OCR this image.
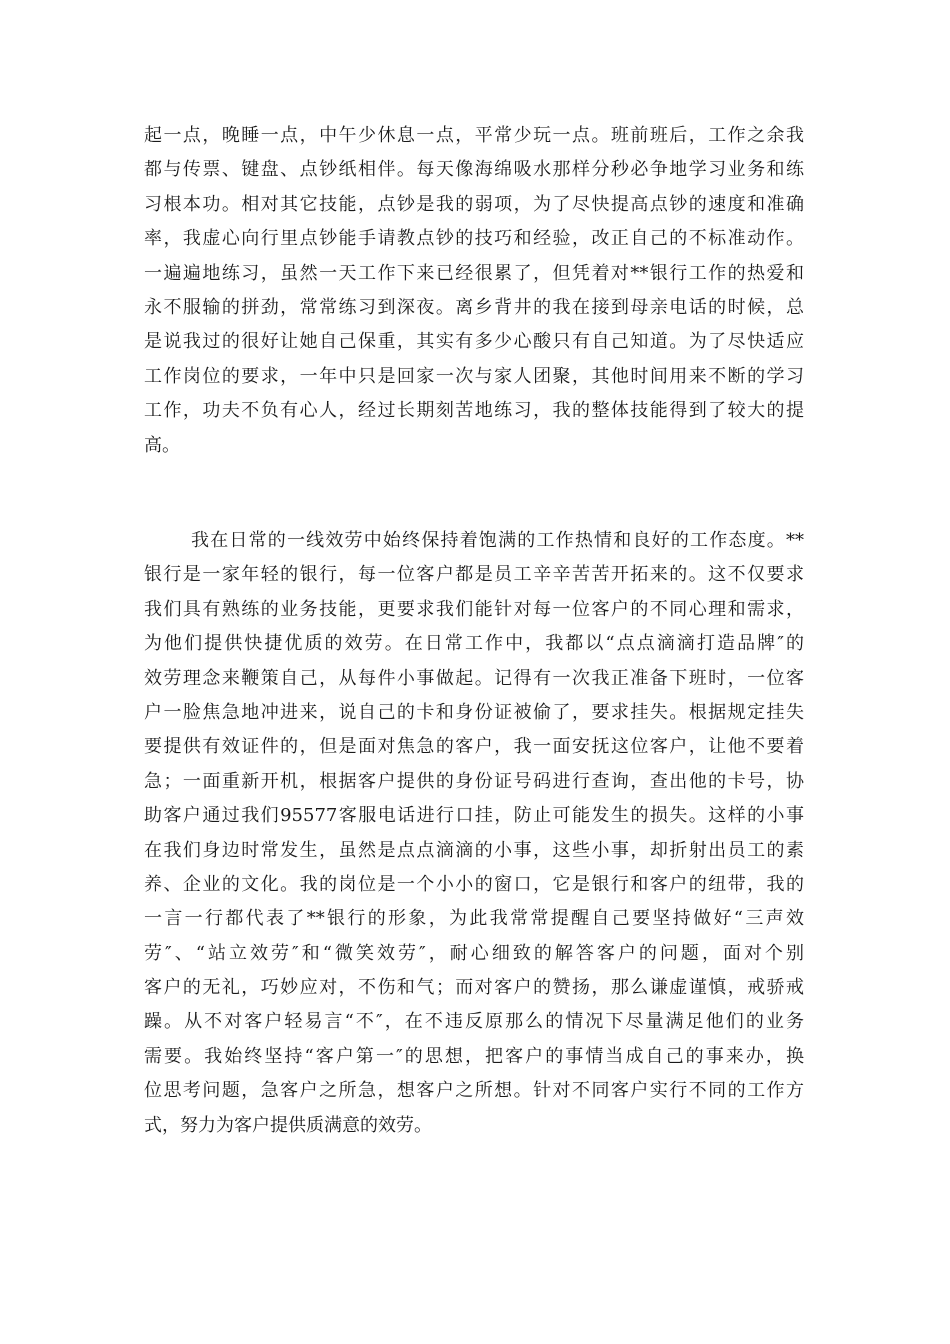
起一点，晚睡一点，中午少休息一点，平常少玩一点。班前班后，工作之余我
都与传票、键盘、点钞纸相伴。每天像海绵吸水那样分秒必争地学习业务和练
习根本功。相对其它技能，点钞是我的弱项，为了尽快提高点钞的速度和准确
率，我虚心向行里点钞能手请教点钞的技巧和经验，改正自己的不标准动作。
一遍遍地练习，虽然一天工作下来已经很累了，但凭着对**银行工作的热爱和
永不服输的拼劲，常常练习到深夜。离乡背井的我在接到母亲电话的时候，总
是说我过的很好让她自己保重，其实有多少心酸只有自己知道。为了尽快适应
工作岗位的要求，一年中只是回家一次与家人团聚，其他时间用来不断的学习
工作，功夫不负有心人，经过长期刻苦地练习，我的整体技能得到了较大的提
高。
我在日常的一线效劳中始终保持着饱满的工作热情和良好的工作态度。**
银行是一家年轻的银行，每一位客户都是员工辛辛苦苦开拓来的。这不仅要求
我们具有熟练的业务技能，更要求我们能针对每一位客户的不同心理和需求，
为他们提供快捷优质的效劳。在日常工作中，我都以“点点滴滴打造品牌″的
效劳理念来鞭策自己，从每件小事做起。记得有一次我正准备下班时，一位客
户一脸焦急地冲进来，说自己的卡和身份证被偷了，要求挂失。根据规定挂失
要提供有效证件的，但是面对焦急的客户，我一面安抚这位客户，让他不要着
急；一面重新开机，根据客户提供的身份证号码进行查询，查出他的卡号，协
助客户通过我们95577客服电话进行口挂，防止可能发生的损失。这样的小事
在我们身边时常发生，虽然是点点滴滴的小事，这些小事，却折射出员工的素
养、企业的文化。我的岗位是一个小小的窗口，它是银行和客户的纽带，我的
一言一行都代表了**银行的形象，为此我常常提醒自己要坚持做好“三声效
劳″、“站立效劳″和“微笑效劳″，耐心细致的解答客户的问题，面对个别
客户的无礼，巧妙应对，不伤和气；而对客户的赞扬，那么谦虚谨慎，戒骄戒
躁。从不对客户轻易言“不″，在不违反原那么的情况下尽量满足他们的业务
需要。我始终坚持“客户第一″的思想，把客户的事情当成自己的事来办，换
位思考问题，急客户之所急，想客户之所想。针对不同客户实行不同的工作方
式，努力为客户提供质满意的效劳。
